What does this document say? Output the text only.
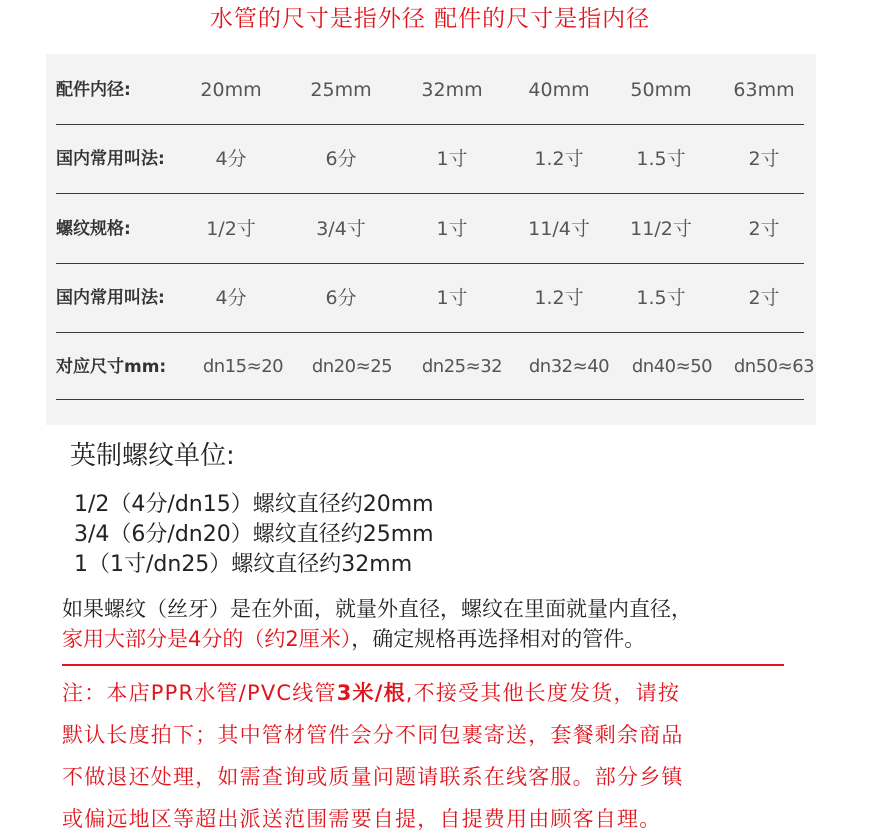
水管的尺寸是指外径 配件的尺寸是指内径
配件内径:	20mm	25mm	32mm	40mm	50mm	63mm
国内常用叫法:	4分	6分	1寸	1.2寸	1.5寸	2寸
螺纹规格:	1/2寸	3/4寸	1寸	11/4寸	11/2寸	2寸
国内常用叫法:	4分	6分	1寸	1.2寸	1.5寸	2寸
对应尺寸mm:	dn15≈20	dn20≈25	dn25≈32	dn32≈40	dn40≈50	dn50≈63
英制螺纹单位:
1/2（4分/dn15）螺纹直径约20mm
3/4（6分/dn20）螺纹直径约25mm
1（1寸/dn25）螺纹直径约32mm
如果螺纹（丝牙）是在外面，就量外直径，螺纹在里面就量内直径，
家用大部分是4分的（约2厘米），确定规格再选择相对的管件。
注：本店PPR水管/PVC线管3米/根,不接受其他长度发货，请按
默认长度拍下；其中管材管件会分不同包裹寄送，套餐剩余商品
不做退还处理，如需查询或质量问题请联系在线客服。部分乡镇
或偏远地区等超出派送范围需要自提，自提费用由顾客自理。
